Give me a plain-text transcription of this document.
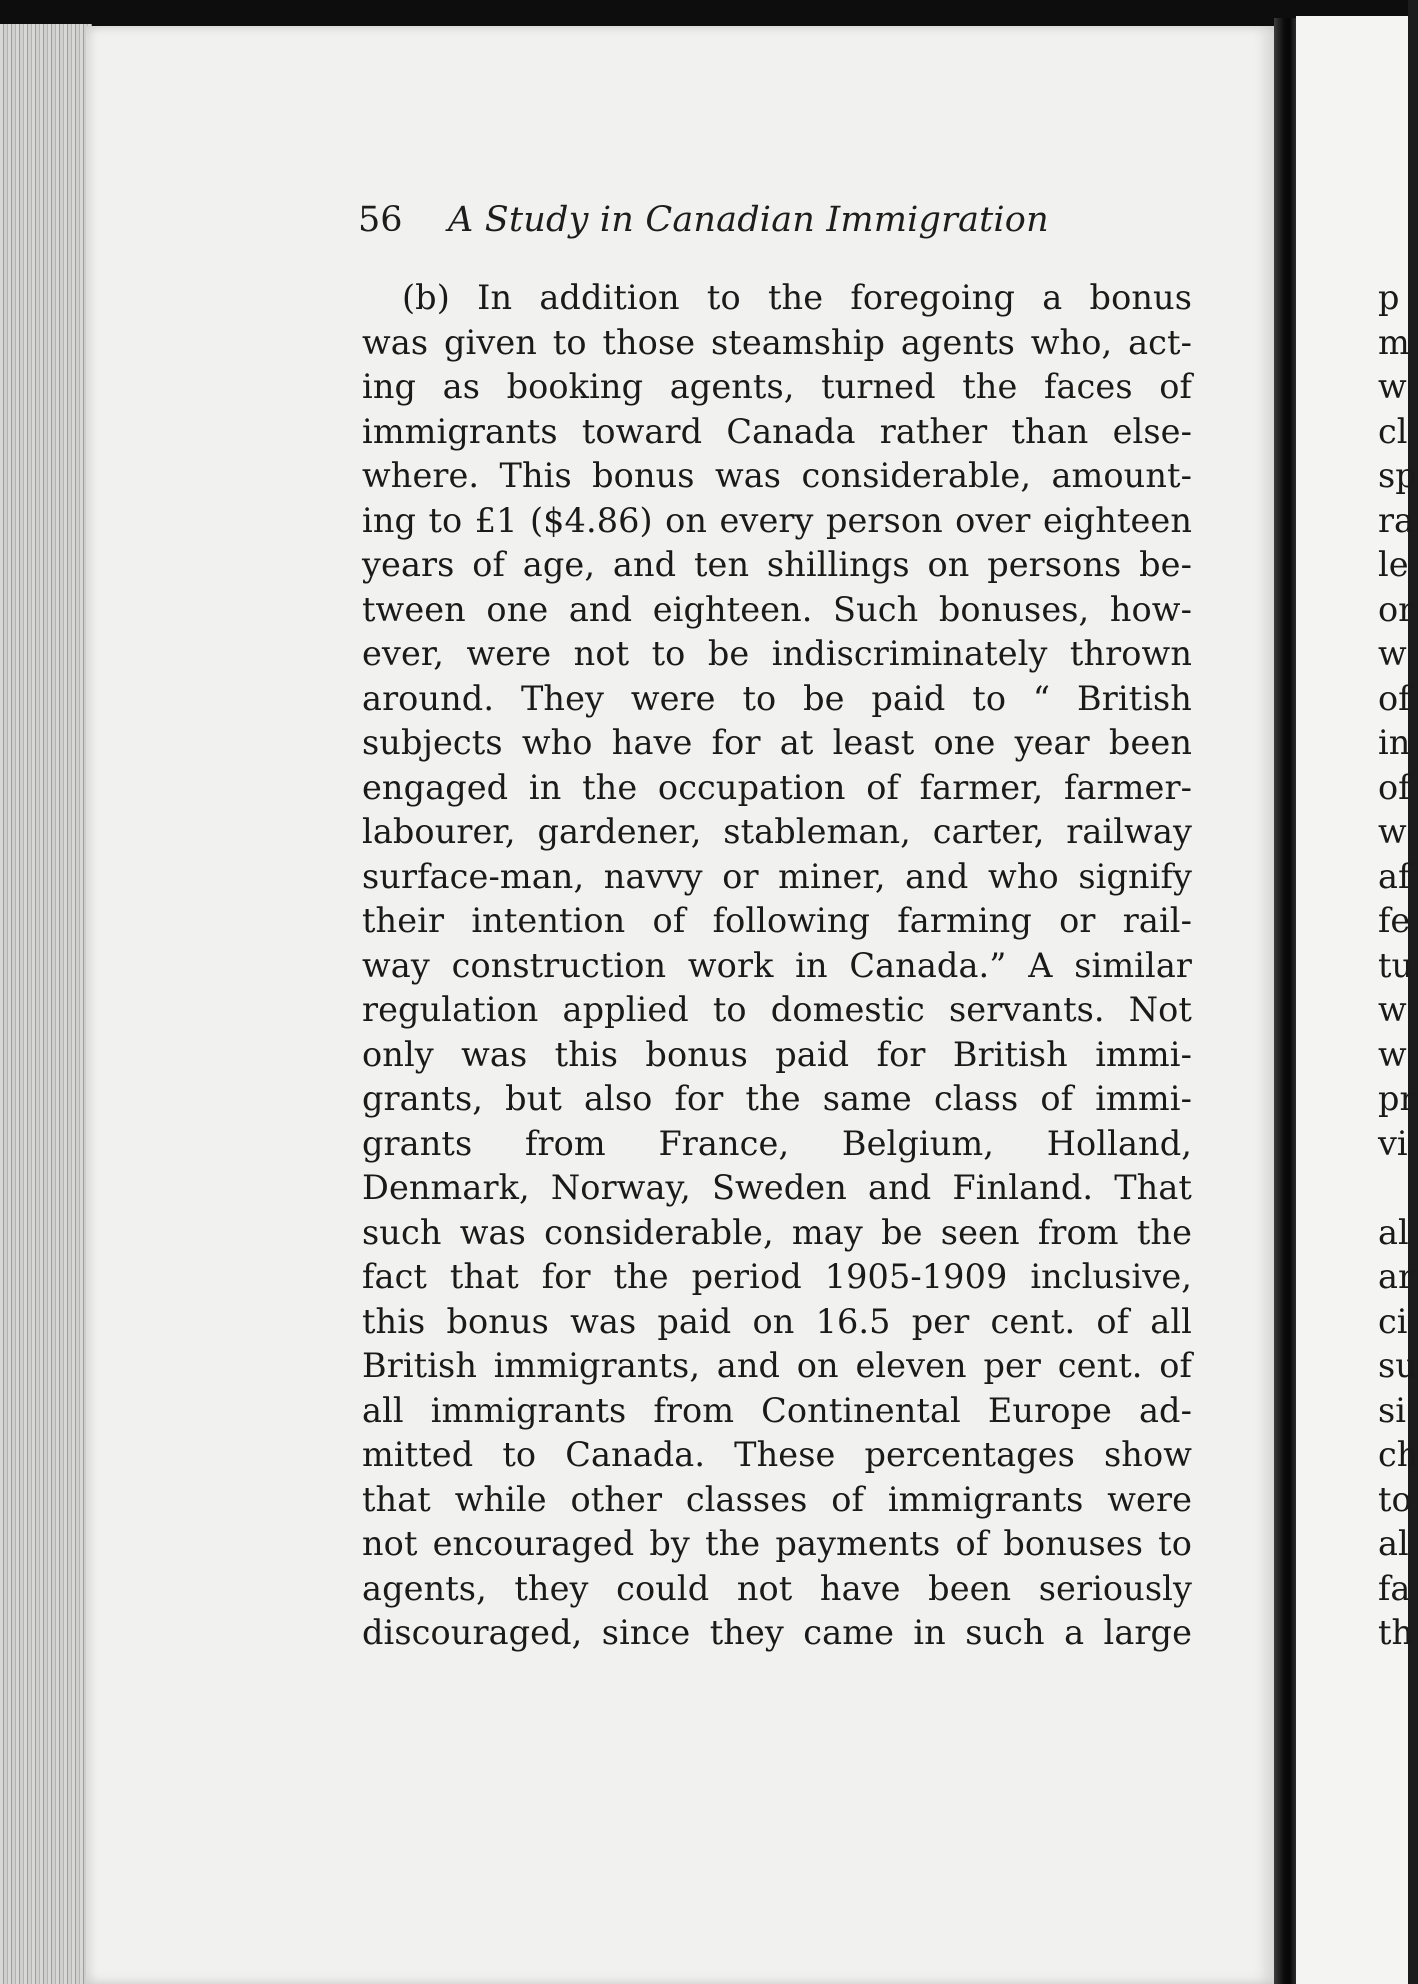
56 A Study in Canadian Immigration
(b) In addition to the foregoing a bonus
was given to those steamship agents who, act-
ing as booking agents, turned the faces of
immigrants toward Canada rather than else-
where. This bonus was considerable, amount-
ing to £1 ($4.86) on every person over eighteen
years of age, and ten shillings on persons be-
tween one and eighteen. Such bonuses, how-
ever, were not to be indiscriminately thrown
around. They were to be paid to “ British
subjects who have for at least one year been
engaged in the occupation of farmer, farmer-
labourer, gardener, stableman, carter, railway
surface-man, navvy or miner, and who signify
their intention of following farming or rail-
way construction work in Canada.” A similar
regulation applied to domestic servants. Not
only was this bonus paid for British immi-
grants, but also for the same class of immi-
grants from France, Belgium, Holland,
Denmark, Norway, Sweden and Finland. That
such was considerable, may be seen from the
fact that for the period 1905-1909 inclusive,
this bonus was paid on 16.5 per cent. of all
British immigrants, and on eleven per cent. of
all immigrants from Continental Europe ad-
mitted to Canada. These percentages show
that while other classes of immigrants were
not encouraged by the payments of bonuses to
agents, they could not have been seriously
discouraged, since they came in such a large
p
m
w
cl
sp
ra
le
or
w
of
in
of
w
af
fe
tu
w
w
pr
vi
al
ar
ci
su
si
ch
to
al
fa
th
